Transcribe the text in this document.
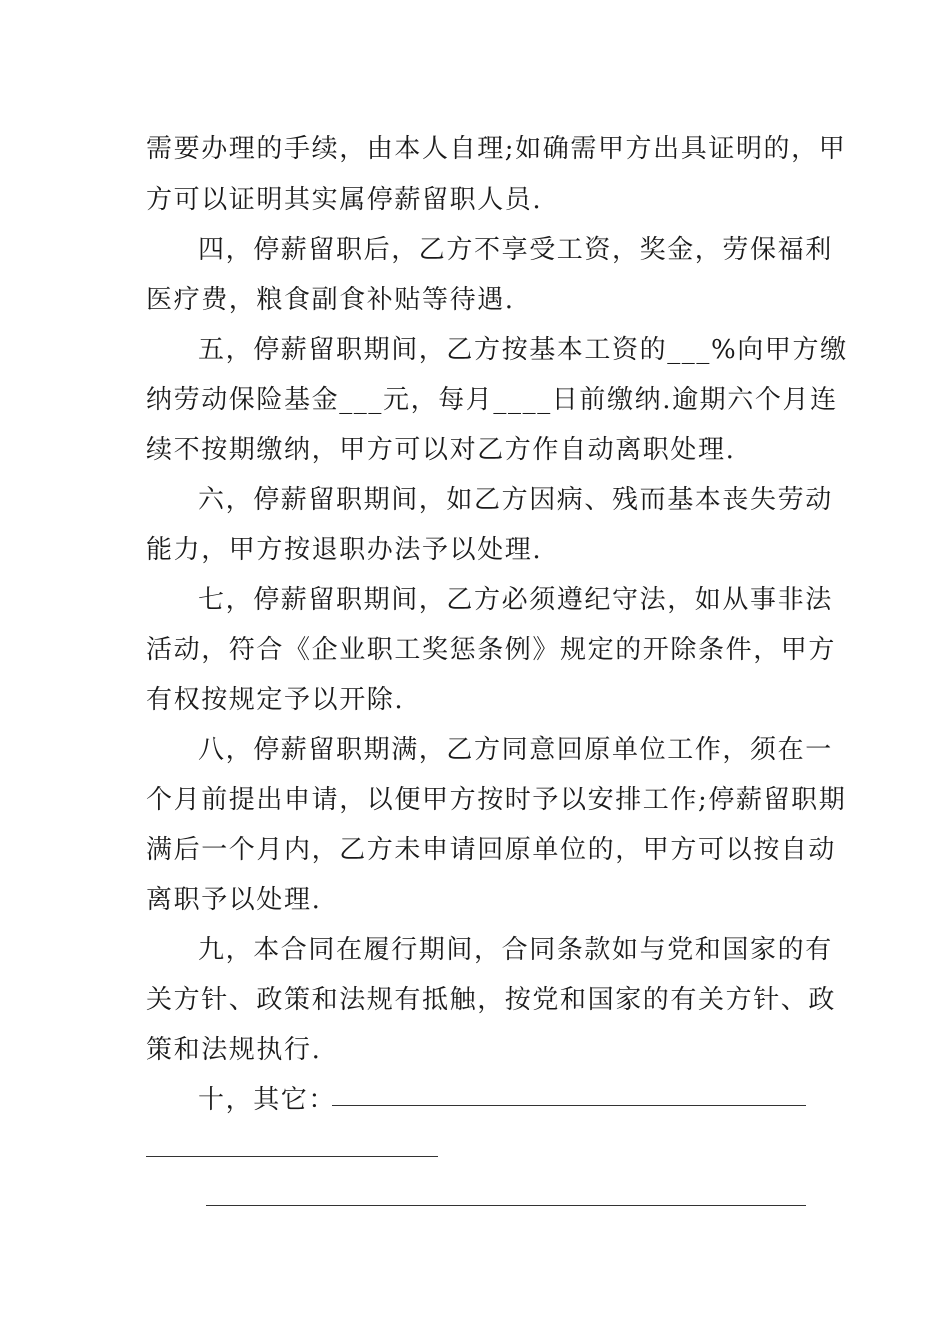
需要办理的手续，由本人自理;如确需甲方出具证明的，甲
方可以证明其实属停薪留职人员.
四，停薪留职后，乙方不享受工资，奖金，劳保福利
医疗费，粮食副食补贴等待遇.
五，停薪留职期间，乙方按基本工资的___%向甲方缴
纳劳动保险基金___元，每月____日前缴纳.逾期六个月连
续不按期缴纳，甲方可以对乙方作自动离职处理.
六，停薪留职期间，如乙方因病、残而基本丧失劳动
能力，甲方按退职办法予以处理.
七，停薪留职期间，乙方必须遵纪守法，如从事非法
活动，符合《企业职工奖惩条例》规定的开除条件，甲方
有权按规定予以开除.
八，停薪留职期满，乙方同意回原单位工作，须在一
个月前提出申请，以便甲方按时予以安排工作;停薪留职期
满后一个月内，乙方未申请回原单位的，甲方可以按自动
离职予以处理.
九，本合同在履行期间，合同条款如与党和国家的有
关方针、政策和法规有抵触，按党和国家的有关方针、政
策和法规执行.
十，其它：
